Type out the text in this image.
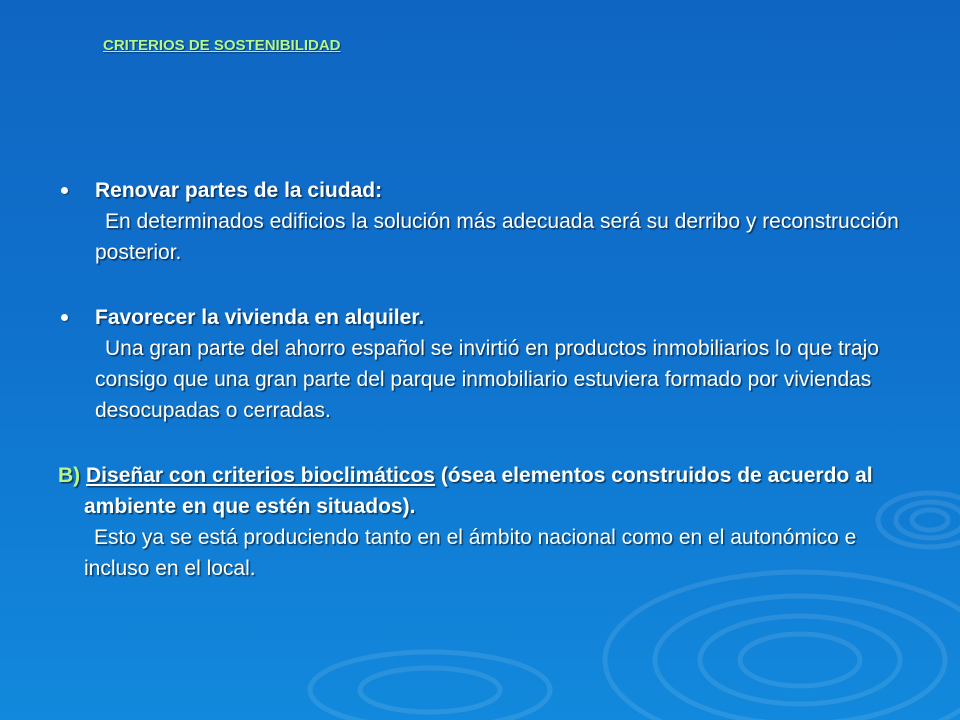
CRITERIOS DE SOSTENIBILIDAD
Renovar partes de la ciudad:
En determinados edificios la solución más adecuada será su derribo y reconstrucción posterior.
Favorecer la vivienda en alquiler.
Una gran parte del ahorro español se invirtió en productos inmobiliarios lo que trajo consigo que una gran parte del parque inmobiliario estuviera formado por viviendas desocupadas o cerradas.
B) Diseñar con criterios bioclimáticos (ósea elementos construidos de acuerdo al ambiente en que estén situados).
Esto ya se está produciendo tanto en el ámbito nacional como en el autonómico e incluso en el local.
